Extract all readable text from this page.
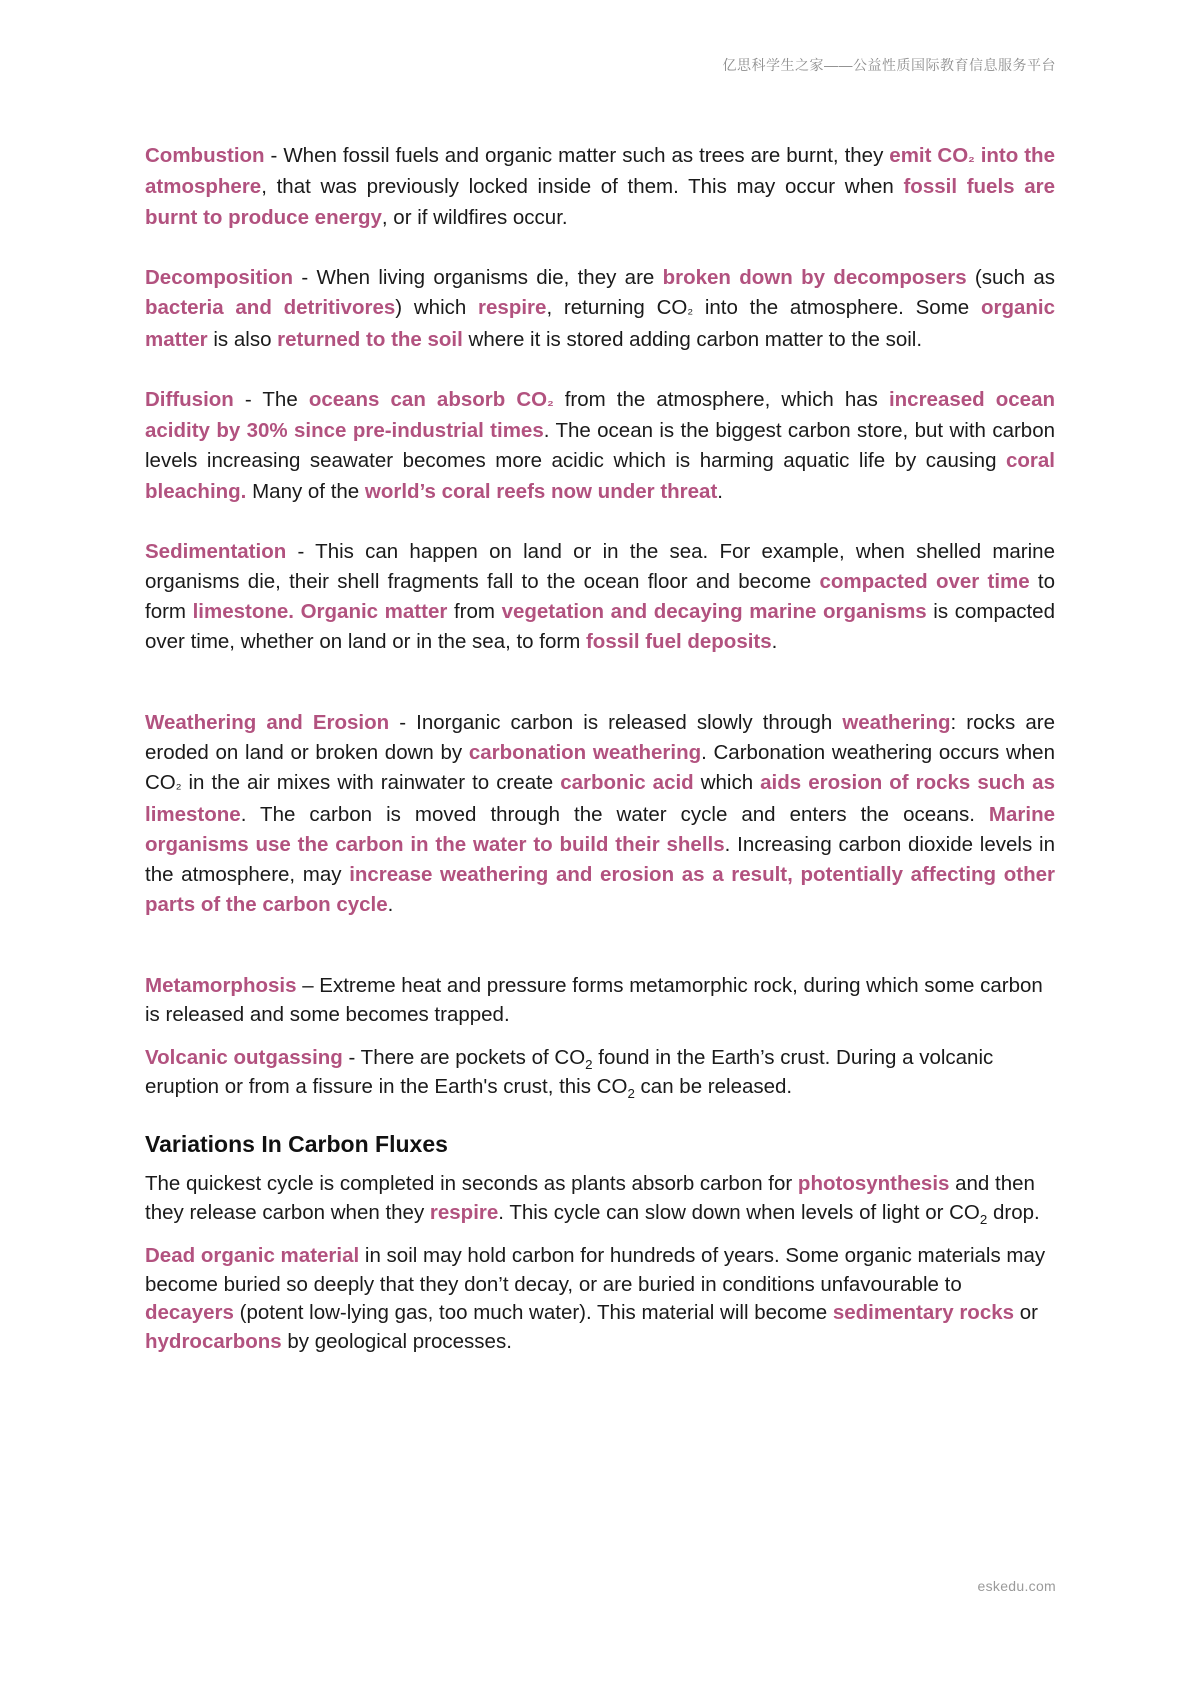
亿思科学生之家——公益性质国际教育信息服务平台

Combustion - When fossil fuels and organic matter such as trees are burnt, they emit CO₂ into the atmosphere, that was previously locked inside of them. This may occur when fossil fuels are burnt to produce energy, or if wildfires occur.

Decomposition - When living organisms die, they are broken down by decomposers (such as bacteria and detritivores) which respire, returning CO₂ into the atmosphere. Some organic matter is also returned to the soil where it is stored adding carbon matter to the soil.

Diffusion - The oceans can absorb CO₂ from the atmosphere, which has increased ocean acidity by 30% since pre-industrial times. The ocean is the biggest carbon store, but with carbon levels increasing seawater becomes more acidic which is harming aquatic life by causing coral bleaching. Many of the world’s coral reefs now under threat.

Sedimentation - This can happen on land or in the sea. For example, when shelled marine organisms die, their shell fragments fall to the ocean floor and become compacted over time to form limestone. Organic matter from vegetation and decaying marine organisms is compacted over time, whether on land or in the sea, to form fossil fuel deposits.

Weathering and Erosion - Inorganic carbon is released slowly through weathering: rocks are eroded on land or broken down by carbonation weathering. Carbonation weathering occurs when CO₂ in the air mixes with rainwater to create carbonic acid which aids erosion of rocks such as limestone. The carbon is moved through the water cycle and enters the oceans. Marine organisms use the carbon in the water to build their shells. Increasing carbon dioxide levels in the atmosphere, may increase weathering and erosion as a result, potentially affecting other parts of the carbon cycle.

Metamorphosis – Extreme heat and pressure forms metamorphic rock, during which some carbon is released and some becomes trapped.

Volcanic outgassing - There are pockets of $CO_2$ found in the Earth’s crust. During a volcanic eruption or from a fissure in the Earth's crust, this $CO_2$ can be released.

Variations In Carbon Fluxes

The quickest cycle is completed in seconds as plants absorb carbon for photosynthesis and then they release carbon when they respire. This cycle can slow down when levels of light or $CO_2$ drop.

Dead organic material in soil may hold carbon for hundreds of years. Some organic materials may become buried so deeply that they don’t decay, or are buried in conditions unfavourable to decayers (potent low-lying gas, too much water). This material will become sedimentary rocks or hydrocarbons by geological processes.

eskedu.com
